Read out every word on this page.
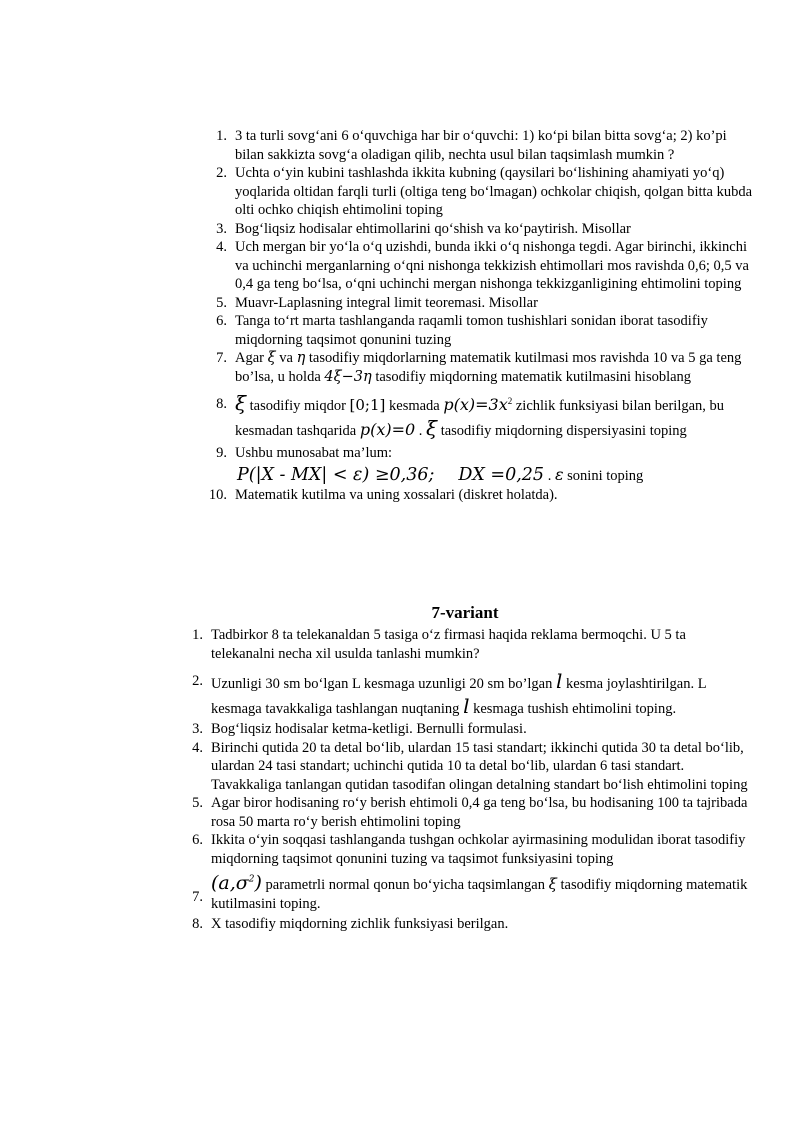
1. 3 ta turli sovg‘ani 6 o‘quvchiga har bir o‘quvchi: 1) ko‘pi bilan bitta sovg‘a; 2) ko’pi bilan sakkizta sovg‘a oladigan qilib, nechta usul bilan taqsimlash mumkin ?
2. Uchta o‘yin kubini tashlashda ikkita kubning (qaysilari bo‘lishining ahamiyati yo‘q) yoqlarida oltidan farqli turli (oltiga teng bo‘lmagan) ochkolar chiqish, qolgan bitta kubda olti ochko chiqish ehtimolini toping
3. Bog‘liqsiz hodisalar ehtimollarini qo‘shish va ko‘paytirish. Misollar
4. Uch mergan bir yo‘la o‘q uzishdi, bunda ikki o‘q nishonga tegdi. Agar birinchi, ikkinchi va uchinchi merganlarning o‘qni nishonga tekkizish ehtimollari mos ravishda 0,6; 0,5 va 0,4 ga teng bo‘lsa, o‘qni uchinchi mergan nishonga tekkizganligining ehtimolini toping
5. Muavr-Laplasning integral limit teoremasi. Misollar
6. Tanga to‘rt marta tashlanganda raqamli tomon tushishlari sonidan iborat tasodifiy miqdorning taqsimot qonunini tuzing
7. Agar ξ va η tasodifiy miqdorlarning matematik kutilmasi mos ravishda 10 va 5 ga teng bo’lsa, u holda 4ξ−3η tasodifiy miqdorning matematik kutilmasini hisoblang
8. ξ tasodifiy miqdor [0;1] kesmada $p(x)=3x^2$ zichlik funksiyasi bilan berilgan, bu kesmadan tashqarida p(x)=0 . ξ tasodifiy miqdorning dispersiyasini toping
9. Ushbu munosabat ma’lum:
P(|X - MX| < ε) ≥0,36; DX =0,25 . ε sonini toping
10. Matematik kutilma va uning xossalari (diskret holatda).
7-variant
1. Tadbirkor 8 ta telekanaldan 5 tasiga o‘z firmasi haqida reklama bermoqchi. U 5 ta telekanalni necha xil usulda tanlashi mumkin?
2. Uzunligi 30 sm bo‘lgan L kesmaga uzunligi 20 sm bo’lgan l kesma joylashtirilgan. L kesmaga tavakkaliga tashlangan nuqtaning l kesmaga tushish ehtimolini toping.
3. Bog‘liqsiz hodisalar ketma-ketligi. Bernulli formulasi.
4. Birinchi qutida 20 ta detal bo‘lib, ulardan 15 tasi standart; ikkinchi qutida 30 ta detal bo‘lib, ulardan 24 tasi standart; uchinchi qutida 10 ta detal bo‘lib, ulardan 6 tasi standart. Tavakkaliga tanlangan qutidan tasodifan olingan detalning standart bo‘lish ehtimolini toping
5. Agar biror hodisaning ro‘y berish ehtimoli 0,4 ga teng bo‘lsa, bu hodisaning 100 ta tajribada rosa 50 marta ro‘y berish ehtimolini toping
6. Ikkita o‘yin soqqasi tashlanganda tushgan ochkolar ayirmasining modulidan iborat tasodifiy miqdorning taqsimot qonunini tuzing va taqsimot funksiyasini toping
7.
$(a,\sigma^2)$ parametrli normal qonun bo‘yicha taqsimlangan ξ tasodifiy miqdorning matematik kutilmasini toping.
8. X tasodifiy miqdorning zichlik funksiyasi berilgan.
